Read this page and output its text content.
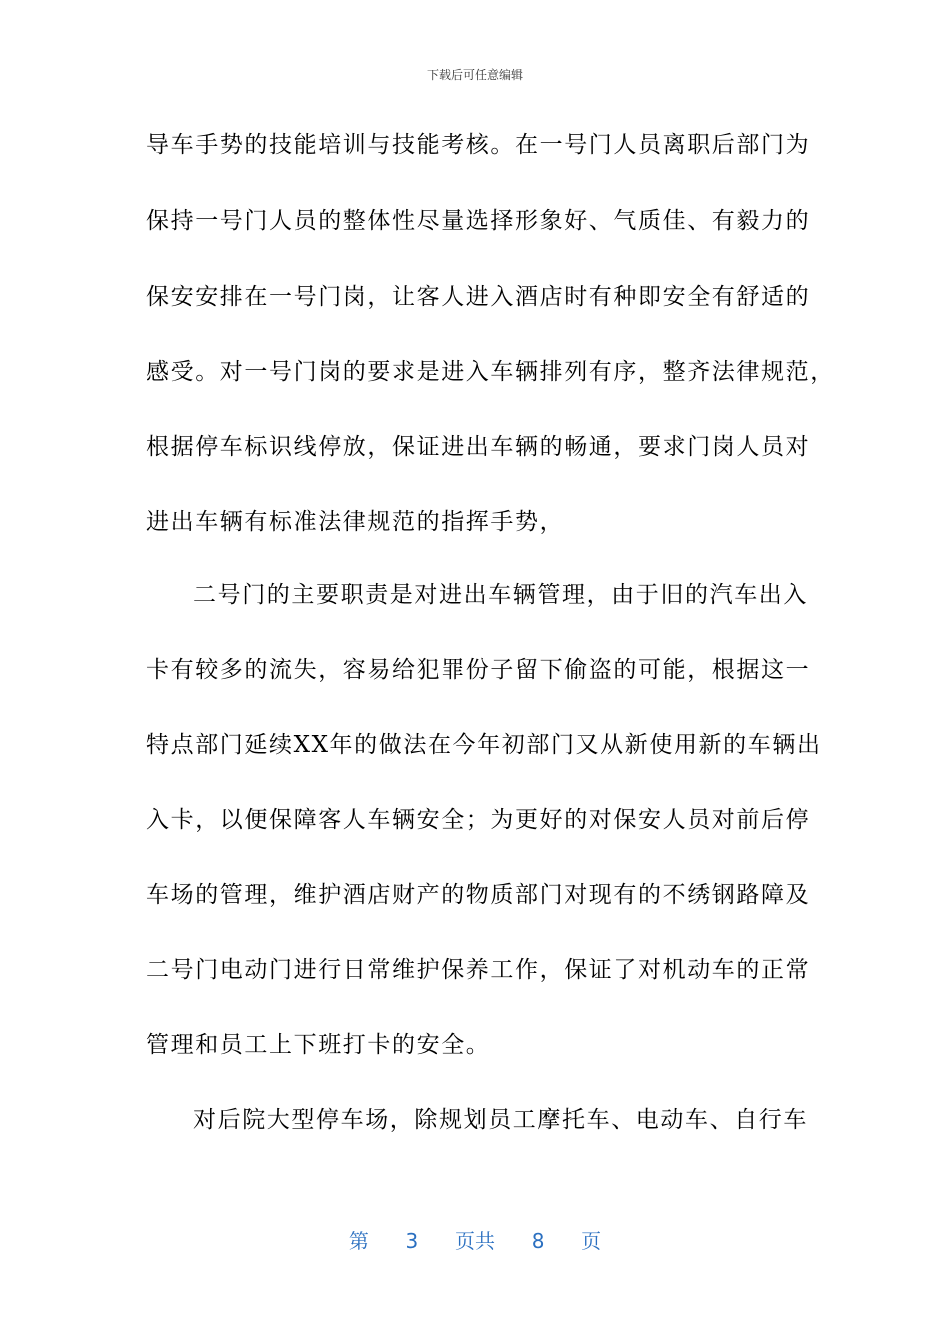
下载后可任意编辑
导车手势的技能培训与技能考核。在一号门人员离职后部门为
保持一号门人员的整体性尽量选择形象好、气质佳、有毅力的
保安安排在一号门岗，让客人进入酒店时有种即安全有舒适的
感受。对一号门岗的要求是进入车辆排列有序，整齐法律规范，
根据停车标识线停放，保证进出车辆的畅通，要求门岗人员对
进出车辆有标准法律规范的指挥手势，
二号门的主要职责是对进出车辆管理，由于旧的汽车出入
卡有较多的流失，容易给犯罪份子留下偷盗的可能，根据这一
特点部门延续XX年的做法在今年初部门又从新使用新的车辆出
入卡，以便保障客人车辆安全；为更好的对保安人员对前后停
车场的管理，维护酒店财产的物质部门对现有的不绣钢路障及
二号门电动门进行日常维护保养工作，保证了对机动车的正常
管理和员工上下班打卡的安全。
对后院大型停车场，除规划员工摩托车、电动车、自行车
第 3 页共 8 页
